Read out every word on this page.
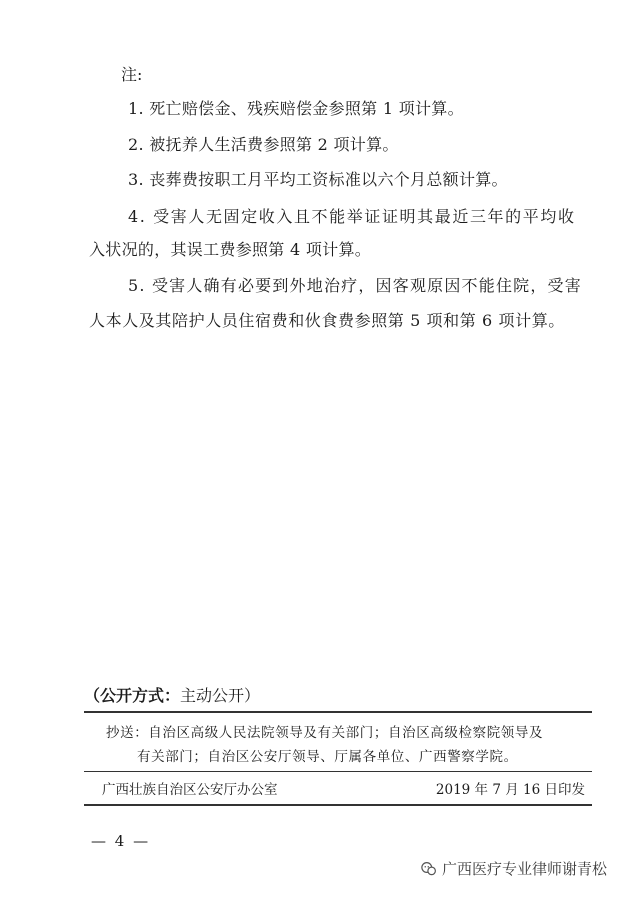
注:
1. 死亡赔偿金、残疾赔偿金参照第 1 项计算。
2. 被抚养人生活费参照第 2 项计算。
3. 丧葬费按职工月平均工资标准以六个月总额计算。
4. 受害人无固定收入且不能举证证明其最近三年的平均收
入状况的，其误工费参照第 4 项计算。
5. 受害人确有必要到外地治疗，因客观原因不能住院，受害
人本人及其陪护人员住宿费和伙食费参照第 5 项和第 6 项计算。
（公开方式：主动公开）
抄送：自治区高级人民法院领导及有关部门；自治区高级检察院领导及
有关部门；自治区公安厅领导、厅属各单位、广西警察学院。
广西壮族自治区公安厅办公室	2019 年 7 月 16 日印发
— 4 —
广西医疗专业律师谢青松
